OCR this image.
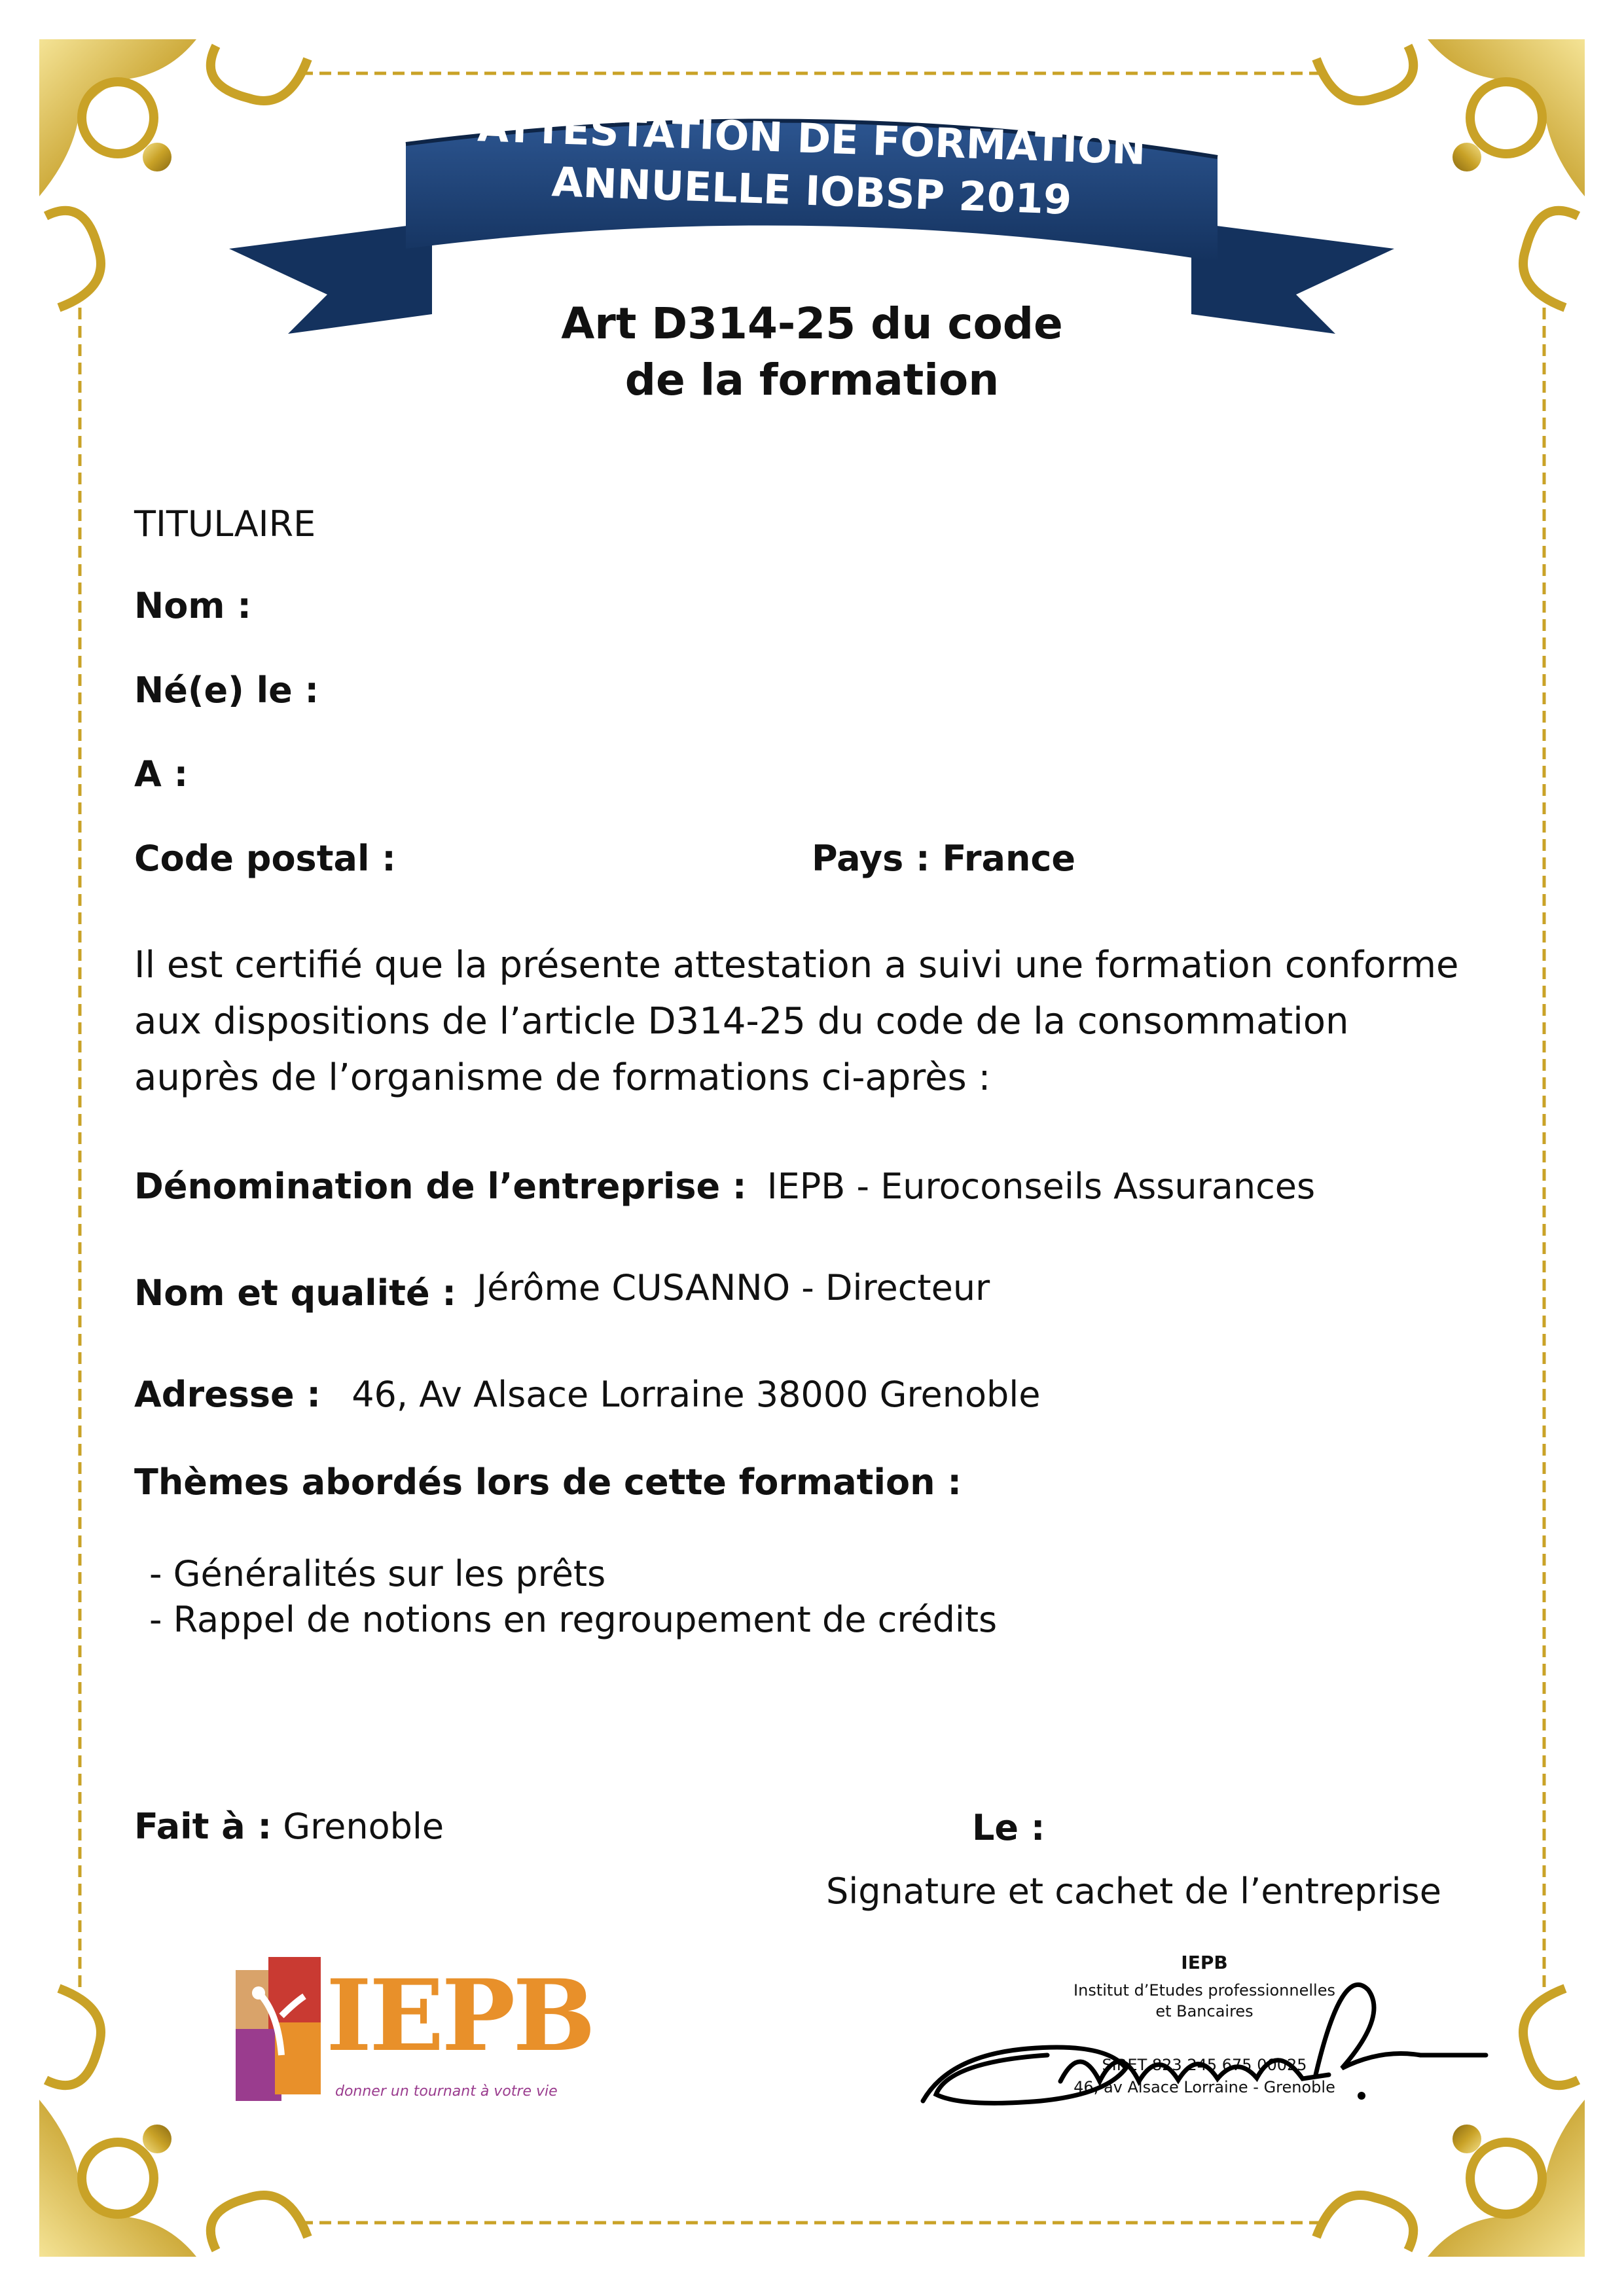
ATTESTATION DE FORMATION
ANNUELLE IOBSP 2019
Art D314-25 du code
de la formation
TITULAIRE
Nom :
Né(e) le :
A :
Code postal :	Pays : France
Il est certifié que la présente attestation a suivi une formation conforme
aux dispositions de l’article D314-25 du code de la consommation
auprès de l’organisme de formations ci-après :
Dénomination de l’entreprise : IEPB - Euroconseils Assurances
Nom et qualité : Jérôme CUSANNO - Directeur
Adresse : 46, Av Alsace Lorraine 38000 Grenoble
Thèmes abordés lors de cette formation :
- Généralités sur les prêts
- Rappel de notions en regroupement de crédits
Fait à : Grenoble	Le :
Signature et cachet de l’entreprise
IEPB
donner un tournant à votre vie
IEPB
Institut d’Etudes professionnelles
et Bancaires
SIRET 823 245 675 00025
46, av Alsace Lorraine - Grenoble
